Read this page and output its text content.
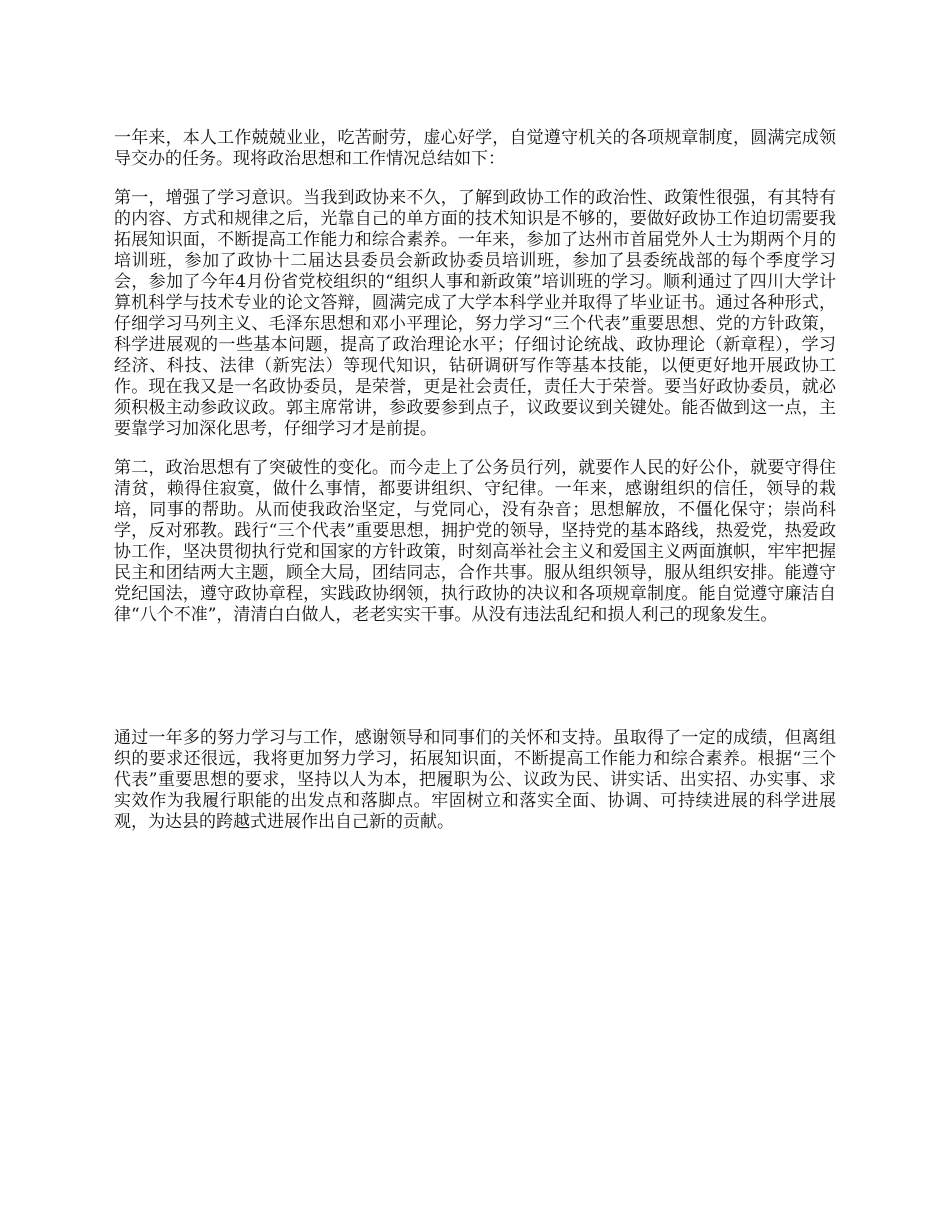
一年来，本人工作兢兢业业，吃苦耐劳，虚心好学，自觉遵守机关的各项规章制度，圆满完成领导交办的任务。现将政治思想和工作情况总结如下：

第一，增强了学习意识。当我到政协来不久，了解到政协工作的政治性、政策性很强，有其特有的内容、方式和规律之后，光靠自己的单方面的技术知识是不够的，要做好政协工作迫切需要我拓展知识面，不断提高工作能力和综合素养。一年来，参加了达州市首届党外人士为期两个月的培训班，参加了政协十二届达县委员会新政协委员培训班，参加了县委统战部的每个季度学习会，参加了今年4月份省党校组织的“组织人事和新政策”培训班的学习。顺利通过了四川大学计算机科学与技术专业的论文答辩，圆满完成了大学本科学业并取得了毕业证书。通过各种形式，仔细学习马列主义、毛泽东思想和邓小平理论，努力学习“三个代表”重要思想、党的方针政策，科学进展观的一些基本问题，提高了政治理论水平；仔细讨论统战、政协理论（新章程），学习经济、科技、法律（新宪法）等现代知识，钻研调研写作等基本技能，以便更好地开展政协工作。现在我又是一名政协委员，是荣誉，更是社会责任，责任大于荣誉。要当好政协委员，就必须积极主动参政议政。郭主席常讲，参政要参到点子，议政要议到关键处。能否做到这一点，主要靠学习加深化思考，仔细学习才是前提。

第二，政治思想有了突破性的变化。而今走上了公务员行列，就要作人民的好公仆，就要守得住清贫，赖得住寂寞，做什么事情，都要讲组织、守纪律。一年来，感谢组织的信任，领导的栽培，同事的帮助。从而使我政治坚定，与党同心，没有杂音；思想解放，不僵化保守；崇尚科学，反对邪教。践行“三个代表”重要思想，拥护党的领导，坚持党的基本路线，热爱党，热爱政协工作，坚决贯彻执行党和国家的方针政策，时刻高举社会主义和爱国主义两面旗帜，牢牢把握民主和团结两大主题，顾全大局，团结同志，合作共事。服从组织领导，服从组织安排。能遵守党纪国法，遵守政协章程，实践政协纲领，执行政协的决议和各项规章制度。能自觉遵守廉洁自律“八个不准”，清清白白做人，老老实实干事。从没有违法乱纪和损人利己的现象发生。

通过一年多的努力学习与工作，感谢领导和同事们的关怀和支持。虽取得了一定的成绩，但离组织的要求还很远，我将更加努力学习，拓展知识面，不断提高工作能力和综合素养。根据“三个代表”重要思想的要求，坚持以人为本，把履职为公、议政为民、讲实话、出实招、办实事、求实效作为我履行职能的出发点和落脚点。牢固树立和落实全面、协调、可持续进展的科学进展观，为达县的跨越式进展作出自己新的贡献。
